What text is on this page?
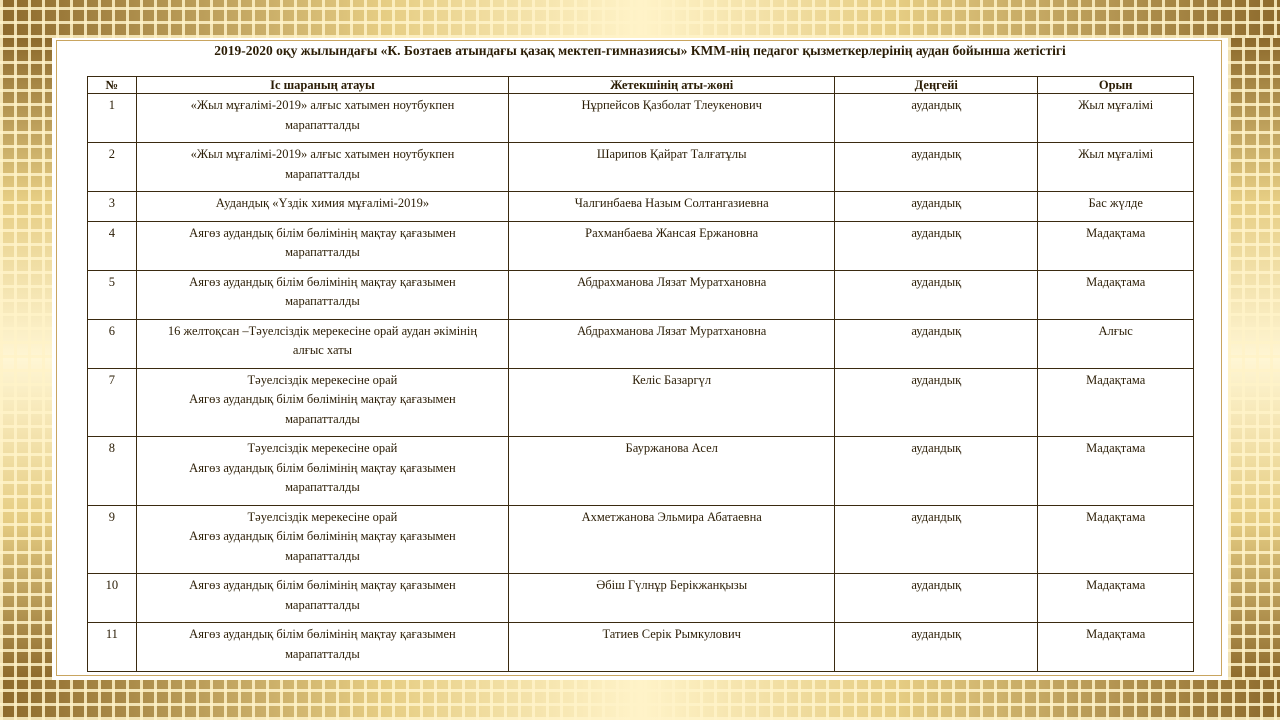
2019-2020 оқу жылындағы «К. Бозтаев атындағы қазақ мектеп-гимназиясы» КММ-нің педагог қызметкерлерінің аудан бойынша жетістігі
№	Іс шараның атауы	Жетекшінің аты-жөні	Деңгейі	Орын
1	«Жыл мұғалімі-2019» алғыс хатымен ноутбукпен
марапатталды	Нұрпейсов Қазболат Тлеукенович	аудандық	Жыл мұғалімі
2	«Жыл мұғалімі-2019» алғыс хатымен ноутбукпен
марапатталды	Шарипов Қайрат Талғатұлы	аудандық	Жыл мұғалімі
3	Аудандық «Үздік химия мұғалімі-2019»	Чалгинбаева Назым Солтангазиевна	аудандық	Бас жүлде
4	Аягөз аудандық білім бөлімінің мақтау қағазымен
марапатталды	Рахманбаева Жансая Ержановна	аудандық	Мадақтама
5	Аягөз аудандық білім бөлімінің мақтау қағазымен
марапатталды	Абдрахманова Лязат Муратхановна	аудандық	Мадақтама
6	16 желтоқсан –Тәуелсіздік мерекесіне орай аудан әкімінің
алғыс хаты	Абдрахманова Лязат Муратхановна	аудандық	Алғыс
7	Тәуелсіздік мерекесіне орай
Аягөз аудандық білім бөлімінің мақтау қағазымен
марапатталды	Келіс Базаргүл	аудандық	Мадақтама
8	Тәуелсіздік мерекесіне орай
Аягөз аудандық білім бөлімінің мақтау қағазымен
марапатталды	Бауржанова Асел	аудандық	Мадақтама
9	Тәуелсіздік мерекесіне орай
Аягөз аудандық білім бөлімінің мақтау қағазымен
марапатталды	Ахметжанова Эльмира Абатаевна	аудандық	Мадақтама
10	Аягөз аудандық білім бөлімінің мақтау қағазымен
марапатталды	Әбіш Гүлнұр Берікжанқызы	аудандық	Мадақтама
11	Аягөз аудандық білім бөлімінің мақтау қағазымен
марапатталды	Татиев Серік Рымкулович	аудандық	Мадақтама
